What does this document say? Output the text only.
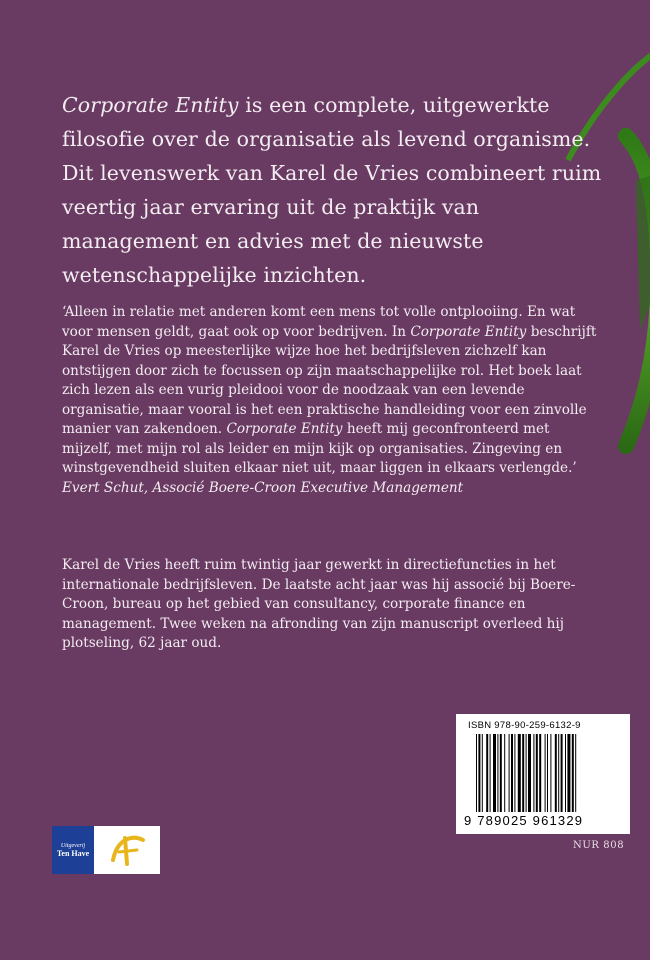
Corporate Entity is een complete, uitgewerkte filosofie over de organisatie als levend organisme. Dit levenswerk van Karel de Vries combineert ruim veertig jaar ervaring uit de praktijk van management en advies met de nieuwste wetenschappelijke inzichten.

‘Alleen in relatie met anderen komt een mens tot volle ontplooiing. En wat voor mensen geldt, gaat ook op voor bedrijven. In Corporate Entity beschrijft Karel de Vries op meesterlijke wijze hoe het bedrijfsleven zichzelf kan ontstijgen door zich te focussen op zijn maatschappelijke rol. Het boek laat zich lezen als een vurig pleidooi voor de noodzaak van een levende organisatie, maar vooral is het een praktische handleiding voor een zinvolle manier van zakendoen. Corporate Entity heeft mij geconfronteerd met mijzelf, met mijn rol als leider en mijn kijk op organisaties. Zingeving en winstgevendheid sluiten elkaar niet uit, maar liggen in elkaars verlengde.’
Evert Schut, Associé Boerе-Croon Executive Management

Karel de Vries heeft ruim twintig jaar gewerkt in directiefuncties in het internationale bedrijfsleven. De laatste acht jaar was hij associé bij Boerе-Croon, bureau op het gebied van consultancy, corporate finance en management. Twee weken na afronding van zijn manuscript overleed hij plotseling, 62 jaar oud.

Uitgeverij
Ten Have
ISBN 978-90-259-6132-9
9 789025 961329
NUR 808
